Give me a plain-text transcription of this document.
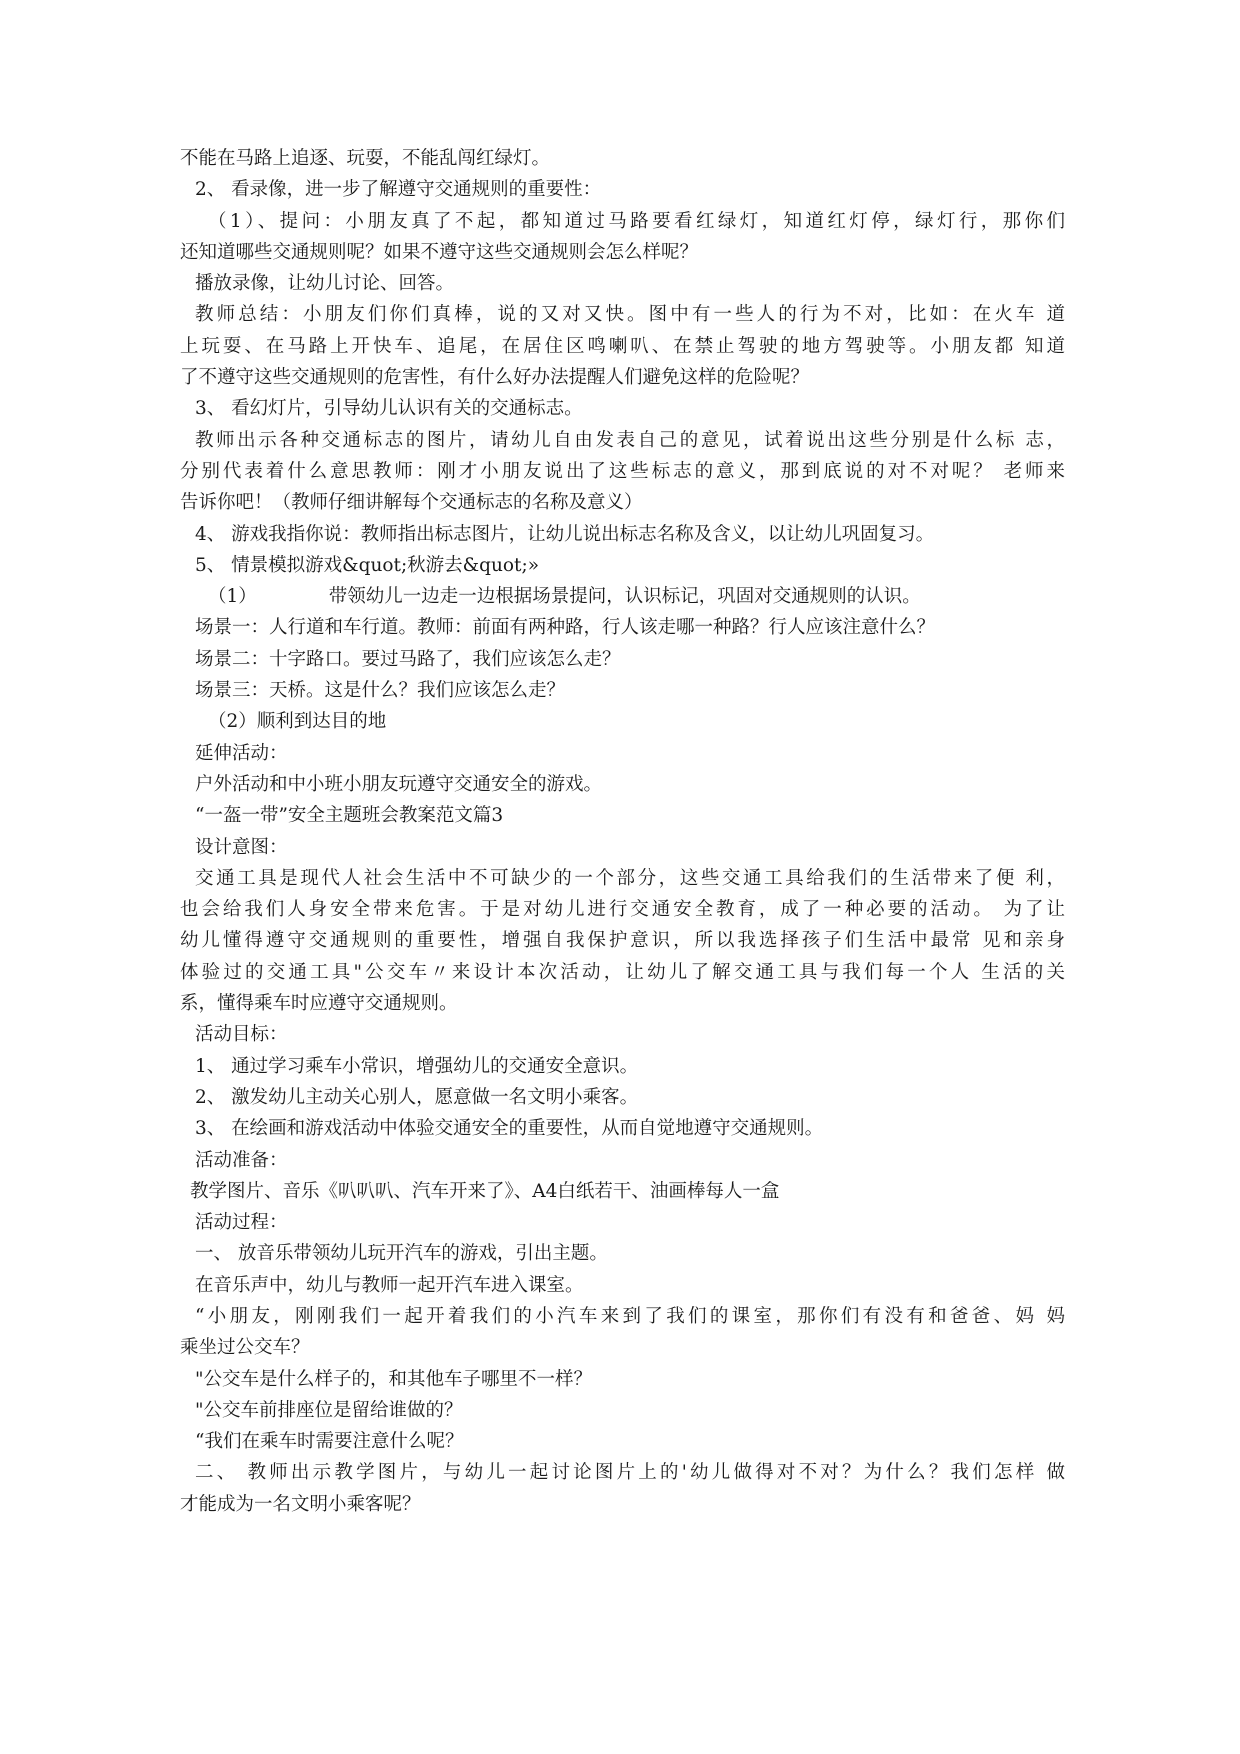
不能在马路上追逐、玩耍，不能乱闯红绿灯。
2、 看录像，进一步了解遵守交通规则的重要性：
（1）、提问：小朋友真了不起，都知道过马路要看红绿灯，知道红灯停，绿灯行，那你们
还知道哪些交通规则呢？如果不遵守这些交通规则会怎么样呢？
播放录像，让幼儿讨论、回答。
教师总结：小朋友们你们真棒，说的又对又快。图中有一些人的行为不对，比如：在火车 道
上玩耍、在马路上开快车、追尾，在居住区鸣喇叭、在禁止驾驶的地方驾驶等。小朋友都 知道
了不遵守这些交通规则的危害性，有什么好办法提醒人们避免这样的危险呢？
3、 看幻灯片，引导幼儿认识有关的交通标志。
教师出示各种交通标志的图片，请幼儿自由发表自己的意见，试着说出这些分别是什么标 志，
分别代表着什么意思教师：刚才小朋友说出了这些标志的意义，那到底说的对不对呢？ 老师来
告诉你吧！（教师仔细讲解每个交通标志的名称及意义）
4、 游戏我指你说：教师指出标志图片，让幼儿说出标志名称及含义，以让幼儿巩固复习。
5、 情景模拟游戏&quot;秋游去&quot;»
（1）	带领幼儿一边走一边根据场景提问，认识标记，巩固对交通规则的认识。
场景一：人行道和车行道。教师：前面有两种路，行人该走哪一种路？行人应该注意什么？
场景二：十字路口。要过马路了，我们应该怎么走？
场景三：天桥。这是什么？我们应该怎么走？
（2）顺利到达目的地
延伸活动：
户外活动和中小班小朋友玩遵守交通安全的游戏。
“一盔一带”安全主题班会教案范文篇3
设计意图：
交通工具是现代人社会生活中不可缺少的一个部分，这些交通工具给我们的生活带来了便 利，
也会给我们人身安全带来危害。于是对幼儿进行交通安全教育，成了一种必要的活动。 为了让
幼儿懂得遵守交通规则的重要性，增强自我保护意识，所以我选择孩子们生活中最常 见和亲身
体验过的交通工具"公交车〃来设计本次活动，让幼儿了解交通工具与我们每一个人 生活的关
系，懂得乘车时应遵守交通规则。
活动目标：
1、 通过学习乘车小常识，增强幼儿的交通安全意识。
2、 激发幼儿主动关心别人，愿意做一名文明小乘客。
3、 在绘画和游戏活动中体验交通安全的重要性，从而自觉地遵守交通规则。
活动准备：
教学图片、音乐《叭叭叭、汽车开来了》、A4白纸若干、油画棒每人一盒
活动过程：
一、 放音乐带领幼儿玩开汽车的游戏，引出主题。
在音乐声中，幼儿与教师一起开汽车进入课室。
“小朋友，刚刚我们一起开着我们的小汽车来到了我们的课室，那你们有没有和爸爸、妈 妈
乘坐过公交车？
"公交车是什么样子的，和其他车子哪里不一样？
"公交车前排座位是留给谁做的？
“我们在乘车时需要注意什么呢？
二、 教师出示教学图片，与幼儿一起讨论图片上的'幼儿做得对不对？为什么？我们怎样 做
才能成为一名文明小乘客呢？
